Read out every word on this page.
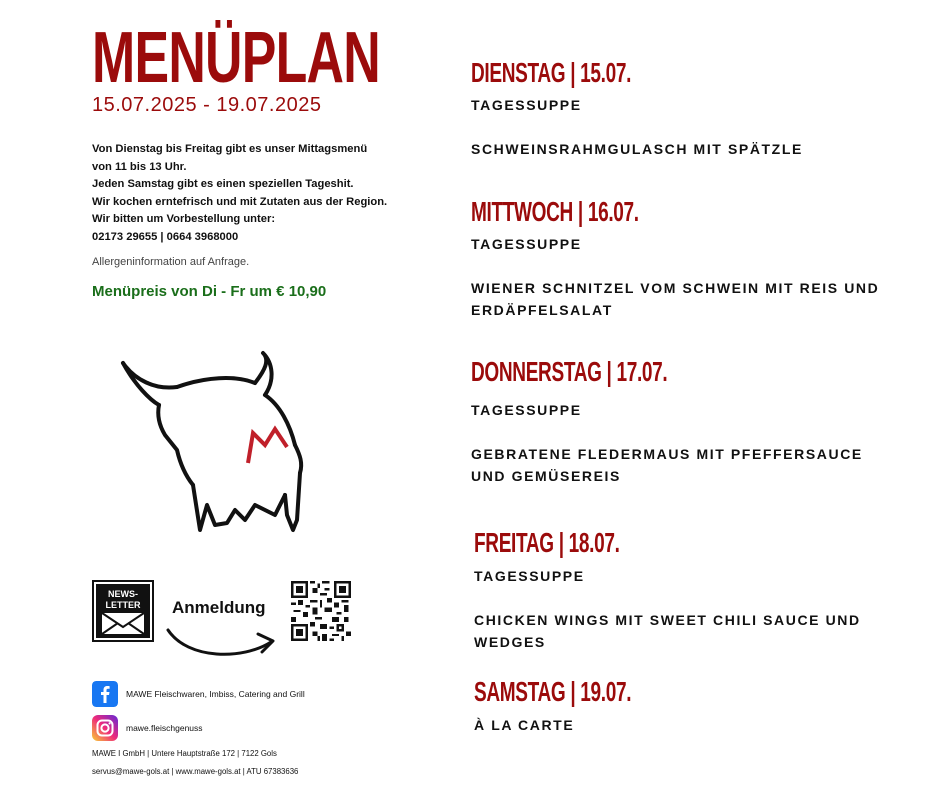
MENÜPLAN
15.07.2025 - 19.07.2025
Von Dienstag bis Freitag gibt es unser Mittagsmenü
von 11 bis 13 Uhr.
Jeden Samstag gibt es einen speziellen Tageshit.
Wir kochen erntefrisch und mit Zutaten aus der Region.
Wir bitten um Vorbestellung unter:
02173 29655 | 0664 3968000
Allergeninformation auf Anfrage.
Menüpreis von Di - Fr um € 10,90
NEWS-
LETTER Anmeldung
MAWE Fleischwaren, Imbiss, Catering and Grill
mawe.fleischgenuss
MAWE I GmbH | Untere Hauptstraße 172 | 7122 Gols
servus@mawe-gols.at | www.mawe-gols.at | ATU 67383636
DIENSTAG | 15.07.
TAGESSUPPE
SCHWEINSRAHMGULASCH MIT SPÄTZLE
MITTWOCH | 16.07.
TAGESSUPPE
WIENER SCHNITZEL VOM SCHWEIN MIT REIS UND
ERDÄPFELSALAT
DONNERSTAG | 17.07.
TAGESSUPPE
GEBRATENE FLEDERMAUS MIT PFEFFERSAUCE
UND GEMÜSEREIS
FREITAG | 18.07.
TAGESSUPPE
CHICKEN WINGS MIT SWEET CHILI SAUCE UND
WEDGES
SAMSTAG | 19.07.
À LA CARTE
